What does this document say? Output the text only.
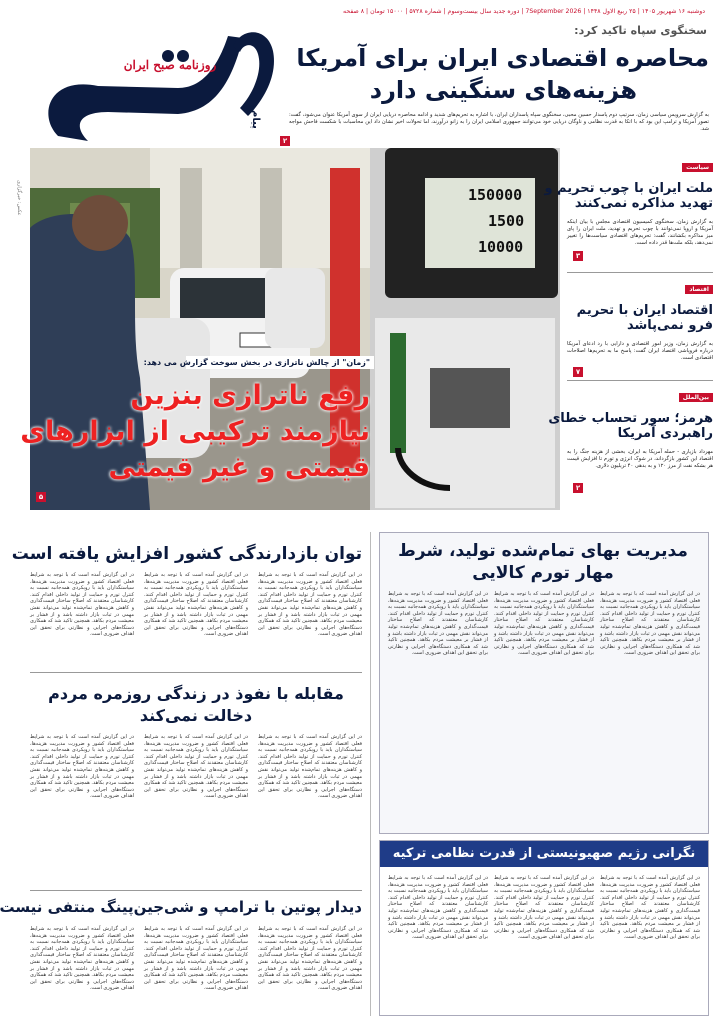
دوشنبه ۱۶ شهریور ۱۴۰۵ | ۲۵ ربیع الاول ۱۴۴۸ | 7September 2026 | دوره جدید سال بیست‌وسوم | شماره ۵۷۲۸ | ۱۵۰۰۰ تومان | ۸ صفحه
روزنامه صبح ایران
پیام
سخنگوی سپاه تاکید کرد:
محاصره اقتصادی ایران برای آمریکا
هزینه‌های سنگینی دارد
به گزارش سرویس سیاسی زمان، سرتیپ دوم پاسدار حسین محبی، سخنگوی سپاه پاسداران ایران، با اشاره به تحریم‌های شدید و ادامه محاصره دریایی ایران از سوی آمریکا عنوان می‌شود، گفت: تصور آمریکا و ترامپ این بود که با اتکا به قدرت نظامی و ناوگان دریایی خود می‌توانند جمهوری اسلامی ایران را به زانو درآورند، اما تحولات اخیر نشان داد این محاسبات با شکست فاحش مواجه شد.
۲
150000
1500
10000
عکس: خبرگزاری
"زمان" از چالش ناترازی در بخش سوخت گزارش می دهد:
رفع ناترازی بنزین
نیازمند ترکیبی از ابزارهای
قیمتی و غیر قیمتی
۵
سیاست
ملت ایران با چوب تحریم و
تهدید مذاکره نمی‌کنند
به گزارش زمان، سخنگوی کمیسیون اقتصادی مجلس با بیان اینکه آمریکا و اروپا نمی‌توانند با چوب تحریم و تهدید، ملت ایران را پای میز مذاکره بکشانند، گفت: تحریم‌های اقتصادی سیاست‌ها را تغییر نمی‌دهد، بلکه ملت‌ها قدر داده است.
۳
اقتصاد
اقتصاد ایران با تحریم
فرو نمی‌پاشد
به گزارش زمان، وزیر امور اقتصادی و دارایی با رد ادعای آمریکا درباره فروپاشی اقتصاد ایران گفت: پاسخ ما به تحریم‌ها اصلاحات اقتصادی است.
۷
بین‌الملل
هرمز؛ سور تحساب خطای
راهبردی آمریکا
مهرداد بازیاری - حمله آمریکا به ایران، بخشی از هزینه جنگ را به اقتصاد این کشور بازگرداند، در شوک انرژی و تورم تا افزایش قیمت هر بشکه نفت از مرز ۱۲۰ و به بدهی ۴۰ تریلیون دلاری.
۲
مدیریت بهای تمام‌شده تولید، شرط
مهار تورم کالایی
در این گزارش آمده است که با توجه به شرایط فعلی اقتصاد کشور و ضرورت مدیریت هزینه‌ها، سیاستگذاران باید با رویکردی همه‌جانبه نسبت به کنترل تورم و حمایت از تولید داخلی اقدام کنند. کارشناسان معتقدند که اصلاح ساختار قیمت‌گذاری و کاهش هزینه‌های تمام‌شده تولید می‌تواند نقش مهمی در ثبات بازار داشته باشد و از فشار بر معیشت مردم بکاهد. همچنین تاکید شد که همکاری دستگاه‌های اجرایی و نظارتی برای تحقق این اهداف ضروری است.
در این گزارش آمده است که با توجه به شرایط فعلی اقتصاد کشور و ضرورت مدیریت هزینه‌ها، سیاستگذاران باید با رویکردی همه‌جانبه نسبت به کنترل تورم و حمایت از تولید داخلی اقدام کنند. کارشناسان معتقدند که اصلاح ساختار قیمت‌گذاری و کاهش هزینه‌های تمام‌شده تولید می‌تواند نقش مهمی در ثبات بازار داشته باشد و از فشار بر معیشت مردم بکاهد. همچنین تاکید شد که همکاری دستگاه‌های اجرایی و نظارتی برای تحقق این اهداف ضروری است.
در این گزارش آمده است که با توجه به شرایط فعلی اقتصاد کشور و ضرورت مدیریت هزینه‌ها، سیاستگذاران باید با رویکردی همه‌جانبه نسبت به کنترل تورم و حمایت از تولید داخلی اقدام کنند. کارشناسان معتقدند که اصلاح ساختار قیمت‌گذاری و کاهش هزینه‌های تمام‌شده تولید می‌تواند نقش مهمی در ثبات بازار داشته باشد و از فشار بر معیشت مردم بکاهد. همچنین تاکید شد که همکاری دستگاه‌های اجرایی و نظارتی برای تحقق این اهداف ضروری است.
نگرانی رژیم صهیونیستی از قدرت نظامی ترکیه
در این گزارش آمده است که با توجه به شرایط فعلی اقتصاد کشور و ضرورت مدیریت هزینه‌ها، سیاستگذاران باید با رویکردی همه‌جانبه نسبت به کنترل تورم و حمایت از تولید داخلی اقدام کنند. کارشناسان معتقدند که اصلاح ساختار قیمت‌گذاری و کاهش هزینه‌های تمام‌شده تولید می‌تواند نقش مهمی در ثبات بازار داشته باشد و از فشار بر معیشت مردم بکاهد. همچنین تاکید شد که همکاری دستگاه‌های اجرایی و نظارتی برای تحقق این اهداف ضروری است.
در این گزارش آمده است که با توجه به شرایط فعلی اقتصاد کشور و ضرورت مدیریت هزینه‌ها، سیاستگذاران باید با رویکردی همه‌جانبه نسبت به کنترل تورم و حمایت از تولید داخلی اقدام کنند. کارشناسان معتقدند که اصلاح ساختار قیمت‌گذاری و کاهش هزینه‌های تمام‌شده تولید می‌تواند نقش مهمی در ثبات بازار داشته باشد و از فشار بر معیشت مردم بکاهد. همچنین تاکید شد که همکاری دستگاه‌های اجرایی و نظارتی برای تحقق این اهداف ضروری است.
در این گزارش آمده است که با توجه به شرایط فعلی اقتصاد کشور و ضرورت مدیریت هزینه‌ها، سیاستگذاران باید با رویکردی همه‌جانبه نسبت به کنترل تورم و حمایت از تولید داخلی اقدام کنند. کارشناسان معتقدند که اصلاح ساختار قیمت‌گذاری و کاهش هزینه‌های تمام‌شده تولید می‌تواند نقش مهمی در ثبات بازار داشته باشد و از فشار بر معیشت مردم بکاهد. همچنین تاکید شد که همکاری دستگاه‌های اجرایی و نظارتی برای تحقق این اهداف ضروری است.
توان بازدارندگی کشور افزایش یافته است
در این گزارش آمده است که با توجه به شرایط فعلی اقتصاد کشور و ضرورت مدیریت هزینه‌ها، سیاستگذاران باید با رویکردی همه‌جانبه نسبت به کنترل تورم و حمایت از تولید داخلی اقدام کنند. کارشناسان معتقدند که اصلاح ساختار قیمت‌گذاری و کاهش هزینه‌های تمام‌شده تولید می‌تواند نقش مهمی در ثبات بازار داشته باشد و از فشار بر معیشت مردم بکاهد. همچنین تاکید شد که همکاری دستگاه‌های اجرایی و نظارتی برای تحقق این اهداف ضروری است.
در این گزارش آمده است که با توجه به شرایط فعلی اقتصاد کشور و ضرورت مدیریت هزینه‌ها، سیاستگذاران باید با رویکردی همه‌جانبه نسبت به کنترل تورم و حمایت از تولید داخلی اقدام کنند. کارشناسان معتقدند که اصلاح ساختار قیمت‌گذاری و کاهش هزینه‌های تمام‌شده تولید می‌تواند نقش مهمی در ثبات بازار داشته باشد و از فشار بر معیشت مردم بکاهد. همچنین تاکید شد که همکاری دستگاه‌های اجرایی و نظارتی برای تحقق این اهداف ضروری است.
در این گزارش آمده است که با توجه به شرایط فعلی اقتصاد کشور و ضرورت مدیریت هزینه‌ها، سیاستگذاران باید با رویکردی همه‌جانبه نسبت به کنترل تورم و حمایت از تولید داخلی اقدام کنند. کارشناسان معتقدند که اصلاح ساختار قیمت‌گذاری و کاهش هزینه‌های تمام‌شده تولید می‌تواند نقش مهمی در ثبات بازار داشته باشد و از فشار بر معیشت مردم بکاهد. همچنین تاکید شد که همکاری دستگاه‌های اجرایی و نظارتی برای تحقق این اهداف ضروری است.
مقابله با نفوذ در زندگی روزمره مردم
دخالت نمی‌کند
در این گزارش آمده است که با توجه به شرایط فعلی اقتصاد کشور و ضرورت مدیریت هزینه‌ها، سیاستگذاران باید با رویکردی همه‌جانبه نسبت به کنترل تورم و حمایت از تولید داخلی اقدام کنند. کارشناسان معتقدند که اصلاح ساختار قیمت‌گذاری و کاهش هزینه‌های تمام‌شده تولید می‌تواند نقش مهمی در ثبات بازار داشته باشد و از فشار بر معیشت مردم بکاهد. همچنین تاکید شد که همکاری دستگاه‌های اجرایی و نظارتی برای تحقق این اهداف ضروری است.
در این گزارش آمده است که با توجه به شرایط فعلی اقتصاد کشور و ضرورت مدیریت هزینه‌ها، سیاستگذاران باید با رویکردی همه‌جانبه نسبت به کنترل تورم و حمایت از تولید داخلی اقدام کنند. کارشناسان معتقدند که اصلاح ساختار قیمت‌گذاری و کاهش هزینه‌های تمام‌شده تولید می‌تواند نقش مهمی در ثبات بازار داشته باشد و از فشار بر معیشت مردم بکاهد. همچنین تاکید شد که همکاری دستگاه‌های اجرایی و نظارتی برای تحقق این اهداف ضروری است.
در این گزارش آمده است که با توجه به شرایط فعلی اقتصاد کشور و ضرورت مدیریت هزینه‌ها، سیاستگذاران باید با رویکردی همه‌جانبه نسبت به کنترل تورم و حمایت از تولید داخلی اقدام کنند. کارشناسان معتقدند که اصلاح ساختار قیمت‌گذاری و کاهش هزینه‌های تمام‌شده تولید می‌تواند نقش مهمی در ثبات بازار داشته باشد و از فشار بر معیشت مردم بکاهد. همچنین تاکید شد که همکاری دستگاه‌های اجرایی و نظارتی برای تحقق این اهداف ضروری است.
دیدار پوتین با ترامپ و شی‌جین‌پینگ منتفی نیست
در این گزارش آمده است که با توجه به شرایط فعلی اقتصاد کشور و ضرورت مدیریت هزینه‌ها، سیاستگذاران باید با رویکردی همه‌جانبه نسبت به کنترل تورم و حمایت از تولید داخلی اقدام کنند. کارشناسان معتقدند که اصلاح ساختار قیمت‌گذاری و کاهش هزینه‌های تمام‌شده تولید می‌تواند نقش مهمی در ثبات بازار داشته باشد و از فشار بر معیشت مردم بکاهد. همچنین تاکید شد که همکاری دستگاه‌های اجرایی و نظارتی برای تحقق این اهداف ضروری است.
در این گزارش آمده است که با توجه به شرایط فعلی اقتصاد کشور و ضرورت مدیریت هزینه‌ها، سیاستگذاران باید با رویکردی همه‌جانبه نسبت به کنترل تورم و حمایت از تولید داخلی اقدام کنند. کارشناسان معتقدند که اصلاح ساختار قیمت‌گذاری و کاهش هزینه‌های تمام‌شده تولید می‌تواند نقش مهمی در ثبات بازار داشته باشد و از فشار بر معیشت مردم بکاهد. همچنین تاکید شد که همکاری دستگاه‌های اجرایی و نظارتی برای تحقق این اهداف ضروری است.
در این گزارش آمده است که با توجه به شرایط فعلی اقتصاد کشور و ضرورت مدیریت هزینه‌ها، سیاستگذاران باید با رویکردی همه‌جانبه نسبت به کنترل تورم و حمایت از تولید داخلی اقدام کنند. کارشناسان معتقدند که اصلاح ساختار قیمت‌گذاری و کاهش هزینه‌های تمام‌شده تولید می‌تواند نقش مهمی در ثبات بازار داشته باشد و از فشار بر معیشت مردم بکاهد. همچنین تاکید شد که همکاری دستگاه‌های اجرایی و نظارتی برای تحقق این اهداف ضروری است.
